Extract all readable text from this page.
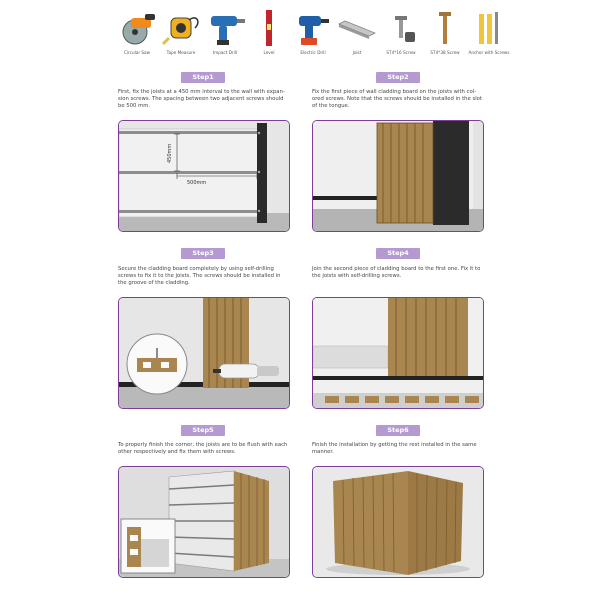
Circular Saw	Tape Measure	Impact Drill	Level	Electric Drill	Joist	ST4*16 Screw	ST4*38 Screw Anchor with Screws
Step1	Step2
Step3	Step4
Step5	Step6
First, fix the joists at a 450 mm interval to the wall with expan-sion screws. The spacing between two adjacent screws should be 500 mm.
Fix the first piece of wall cladding board on the joists with col-ored screws. Note that the screws should be installed in the slot of the tongue.
Secure the cladding board completely by using self-drilling screws to fix it to the joists. The screws should be installed in the groove of the cladding.
Join the second piece of cladding board to the first one. Fix it to the joists with self-drilling screws.
To properly finish the corner, the joists are to be flush with each other respectively and fix them with screws.
Finish the installation by getting the rest installed in the same manner.
450mm
500mm
